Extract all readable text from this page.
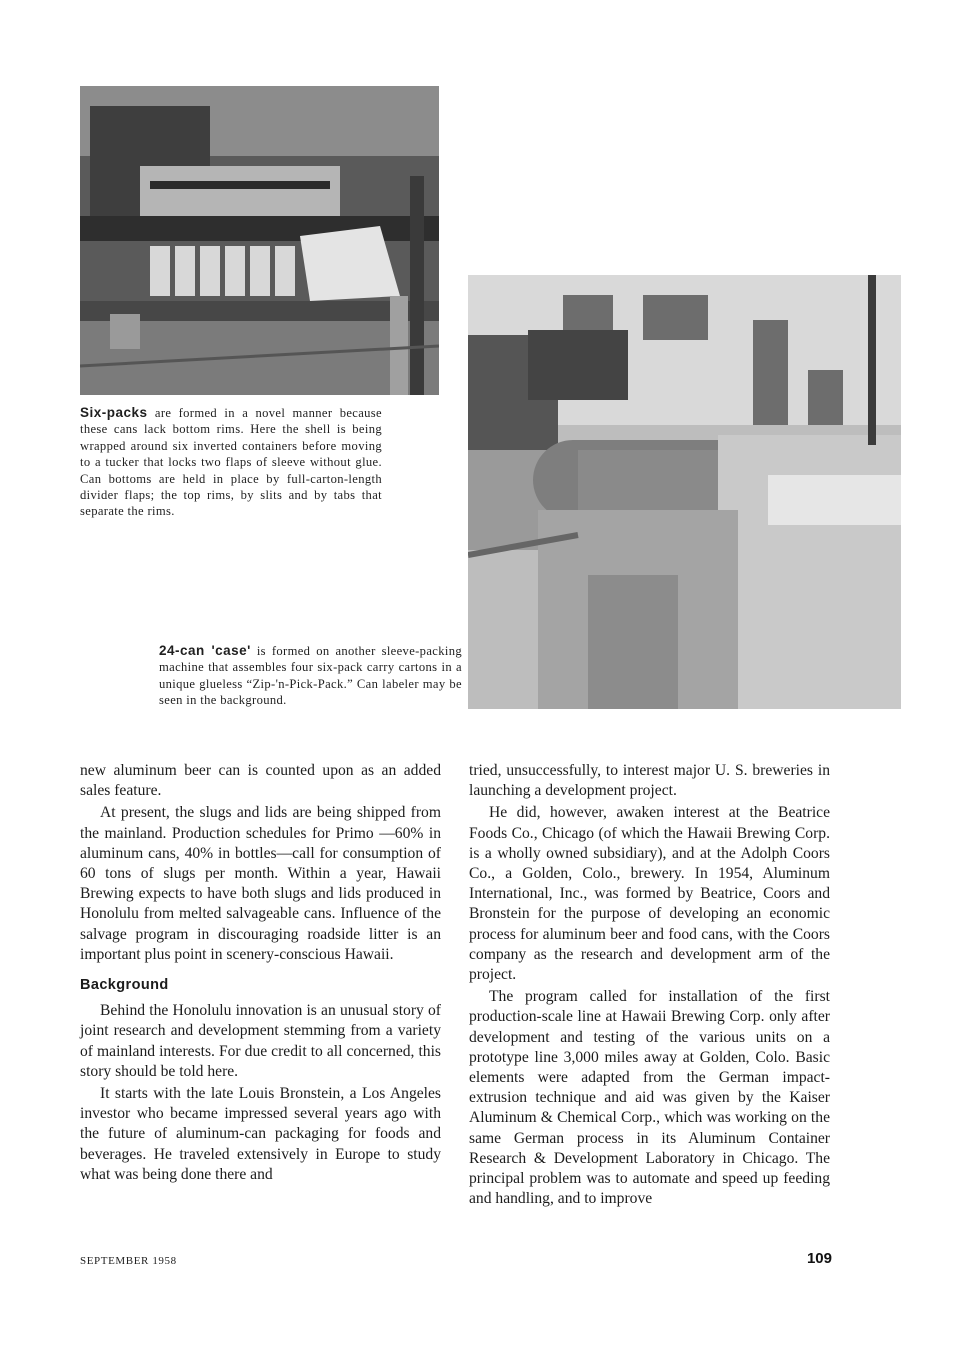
Six-packs are formed in a novel manner because these cans lack bottom rims. Here the shell is being wrapped around six inverted containers before moving to a tucker that locks two flaps of sleeve without glue. Can bottoms are held in place by full-carton-length divider flaps; the top rims, by slits and by tabs that separate the rims.
24-can 'case' is formed on another sleeve-packing machine that assembles four six-pack carry cartons in a unique glueless “Zip-'n-Pick-Pack.” Can labeler may be seen in the background.

new aluminum beer can is counted upon as an added sales feature.

At present, the slugs and lids are being shipped from the mainland. Production schedules for Primo —60% in aluminum cans, 40% in bottles—call for consumption of 60 tons of slugs per month. Within a year, Hawaii Brewing expects to have both slugs and lids produced in Honolulu from melted salvageable cans. Influence of the salvage program in discouraging roadside litter is an important plus point in scenery-conscious Hawaii.

Background

Behind the Honolulu innovation is an unusual story of joint research and development stemming from a variety of mainland interests. For due credit to all concerned, this story should be told here.

It starts with the late Louis Bronstein, a Los Angeles investor who became impressed several years ago with the future of aluminum-can packaging for foods and beverages. He traveled extensively in Europe to study what was being done there and

tried, unsuccessfully, to interest major U. S. breweries in launching a development project.

He did, however, awaken interest at the Beatrice Foods Co., Chicago (of which the Hawaii Brewing Corp. is a wholly owned subsidiary), and at the Adolph Coors Co., a Golden, Colo., brewery. In 1954, Aluminum International, Inc., was formed by Beatrice, Coors and Bronstein for the purpose of developing an economic process for aluminum beer and food cans, with the Coors company as the research and development arm of the project.

The program called for installation of the first production-scale line at Hawaii Brewing Corp. only after development and testing of the various units on a prototype line 3,000 miles away at Golden, Colo. Basic elements were adapted from the German impact-extrusion technique and aid was given by the Kaiser Aluminum & Chemical Corp., which was working on the same German process in its Aluminum Container Research & Development Laboratory in Chicago. The principal problem was to automate and speed up feeding and handling, and to improve

SEPTEMBER 1958	109
